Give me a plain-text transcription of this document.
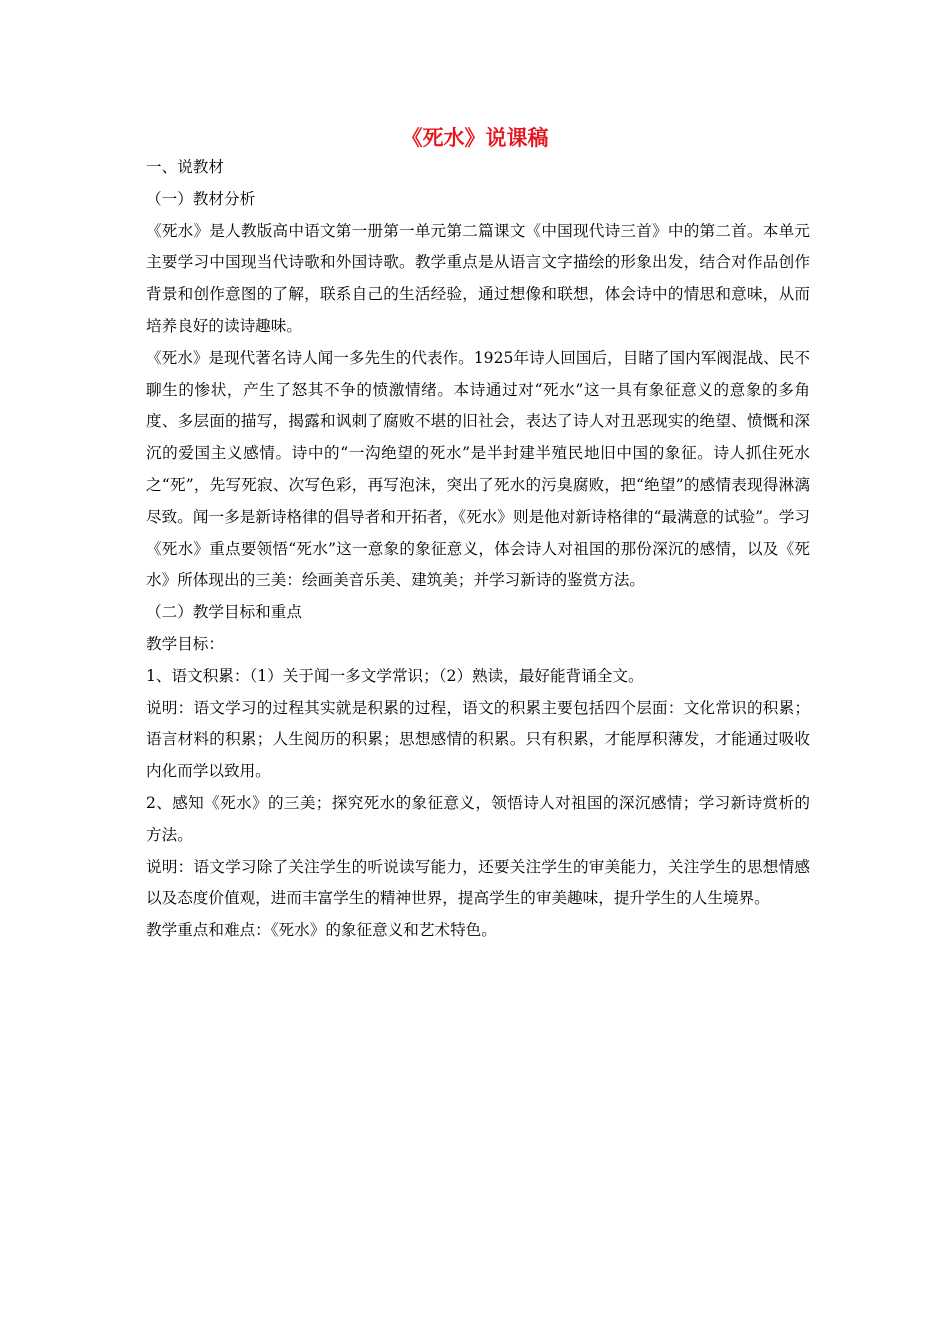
《死水》说课稿

一、说教材

（一）教材分析

《死水》是人教版高中语文第一册第一单元第二篇课文《中国现代诗三首》中的第二首。本单元主要学习中国现当代诗歌和外国诗歌。教学重点是从语言文字描绘的形象出发，结合对作品创作背景和创作意图的了解，联系自己的生活经验，通过想像和联想，体会诗中的情思和意味，从而培养良好的读诗趣味。

《死水》是现代著名诗人闻一多先生的代表作。1925年诗人回国后，目睹了国内军阀混战、民不聊生的惨状，产生了怒其不争的愤激情绪。本诗通过对“死水”这一具有象征意义的意象的多角度、多层面的描写，揭露和讽刺了腐败不堪的旧社会，表达了诗人对丑恶现实的绝望、愤慨和深沉的爱国主义感情。诗中的“一沟绝望的死水”是半封建半殖民地旧中国的象征。诗人抓住死水之“死”，先写死寂、次写色彩，再写泡沫，突出了死水的污臭腐败，把“绝望”的感情表现得淋漓尽致。闻一多是新诗格律的倡导者和开拓者，《死水》则是他对新诗格律的“最满意的试验”。学习《死水》重点要领悟“死水”这一意象的象征意义，体会诗人对祖国的那份深沉的感情，以及《死水》所体现出的三美：绘画美音乐美、建筑美；并学习新诗的鉴赏方法。

（二）教学目标和重点

教学目标：

1、语文积累：（1）关于闻一多文学常识；（2）熟读，最好能背诵全文。

说明：语文学习的过程其实就是积累的过程，语文的积累主要包括四个层面：文化常识的积累；语言材料的积累；人生阅历的积累；思想感情的积累。只有积累，才能厚积薄发，才能通过吸收内化而学以致用。

2、感知《死水》的三美；探究死水的象征意义，领悟诗人对祖国的深沉感情；学习新诗赏析的方法。

说明：语文学习除了关注学生的听说读写能力，还要关注学生的审美能力，关注学生的思想情感以及态度价值观，进而丰富学生的精神世界，提高学生的审美趣味，提升学生的人生境界。

教学重点和难点：《死水》的象征意义和艺术特色。
